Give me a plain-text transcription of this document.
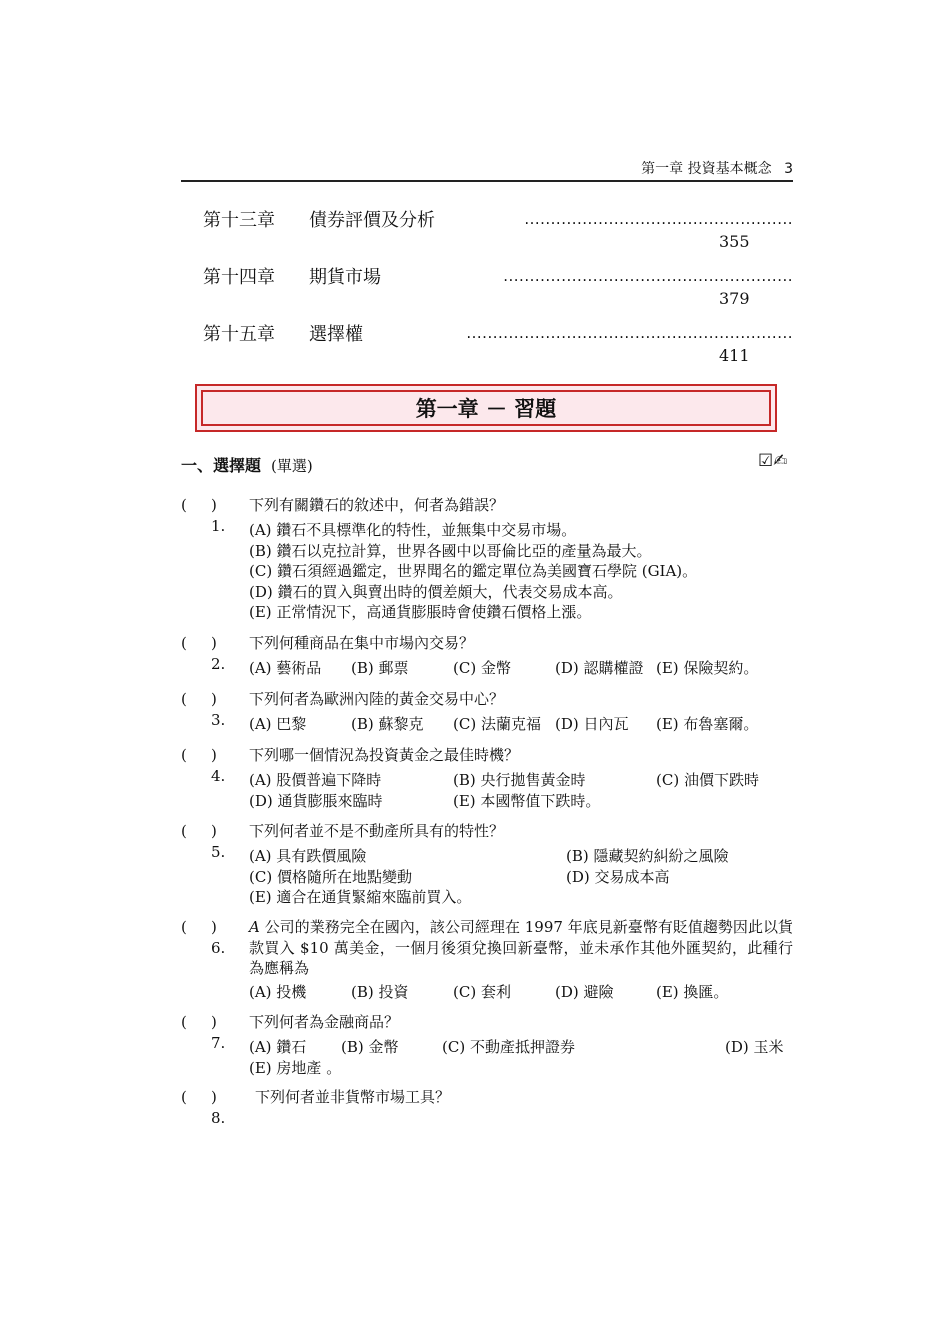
第一章 投資基本概念 3
第十三章 債券評價及分析	...................................................
355
第十四章 期貨市場	.......................................................
379
第十五章 選擇權	..............................................................
411
第一章 － 習題
一、選擇題 (單選)	☑✍
( ) 1.
下列有關鑽石的敘述中，何者為錯誤？
(A) 鑽石不具標準化的特性，並無集中交易市場。
(B) 鑽石以克拉計算，世界各國中以哥倫比亞的產量為最大。
(C) 鑽石須經過鑑定，世界聞名的鑑定單位為美國寶石學院 (GIA)。
(D) 鑽石的買入與賣出時的價差頗大，代表交易成本高。
(E) 正常情況下，高通貨膨脹時會使鑽石價格上漲。
( ) 2.
下列何種商品在集中市場內交易？
(A) 藝術品 (B) 郵票	(C) 金幣	(D) 認購權證 (E) 保險契約。
( ) 3.
下列何者為歐洲內陸的黃金交易中心？
(A) 巴黎	(B) 蘇黎克 (C) 法蘭克福 (D) 日內瓦 (E) 布魯塞爾。
( ) 4.
下列哪一個情況為投資黃金之最佳時機？
(A) 股價普遍下降時	(B) 央行拋售黃金時	(C) 油價下跌時
(D) 通貨膨脹來臨時	(E) 本國幣值下跌時。
( ) 5.
下列何者並不是不動產所具有的特性？
(A) 具有跌價風險	(B) 隱藏契約糾紛之風險
(C) 價格隨所在地點變動	(D) 交易成本高
(E) 適合在通貨緊縮來臨前買入。
( ) 6.
A 公司的業務完全在國內，該公司經理在 1997 年底見新臺幣有貶值趨勢因此以貨款買入 $10 萬美金，一個月後須兌換回新臺幣，並未承作其他外匯契約，此種行為應稱為
(A) 投機	(B) 投資	(C) 套利	(D) 避險	(E) 換匯。
( ) 7.
下列何者為金融商品？
(A) 鑽石 (B) 金幣	(C) 不動產抵押證券	(D) 玉米
(E) 房地產 。
( ) 8.
下列何者並非貨幣市場工具？
